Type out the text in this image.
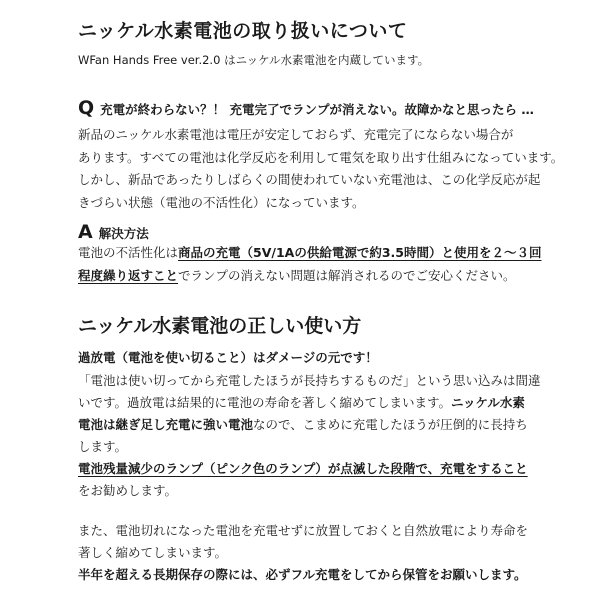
ニッケル水素電池の取り扱いについて
WFan Hands Free ver.2.0 はニッケル水素電池を内蔵しています。
Q 充電が終わらない？！ 充電完了でランプが消えない。故障かなと思ったら …
新品のニッケル水素電池は電圧が安定しておらず、充電完了にならない場合が
あります。すべての電池は化学反応を利用して電気を取り出す仕組みになっています。
しかし、新品であったりしばらくの間使われていない充電池は、この化学反応が起
きづらい状態（電池の不活性化）になっています。
A 解決方法
電池の不活性化は商品の充電（5V/1Aの供給電源で約3.5時間）と使用を２〜３回
程度繰り返すことでランプの消えない問題は解消されるのでご安心ください。
ニッケル水素電池の正しい使い方
過放電（電池を使い切ること）はダメージの元です！
「電池は使い切ってから充電したほうが長持ちするものだ」という思い込みは間違
いです。過放電は結果的に電池の寿命を著しく縮めてしまいます。ニッケル水素
電池は継ぎ足し充電に強い電池なので、こまめに充電したほうが圧倒的に長持ち
します。
電池残量減少のランプ（ピンク色のランプ）が点滅した段階で、充電をすること
をお勧めします。
また、電池切れになった電池を充電せずに放置しておくと自然放電により寿命を
著しく縮めてしまいます。
半年を超える長期保存の際には、必ずフル充電をしてから保管をお願いします。
